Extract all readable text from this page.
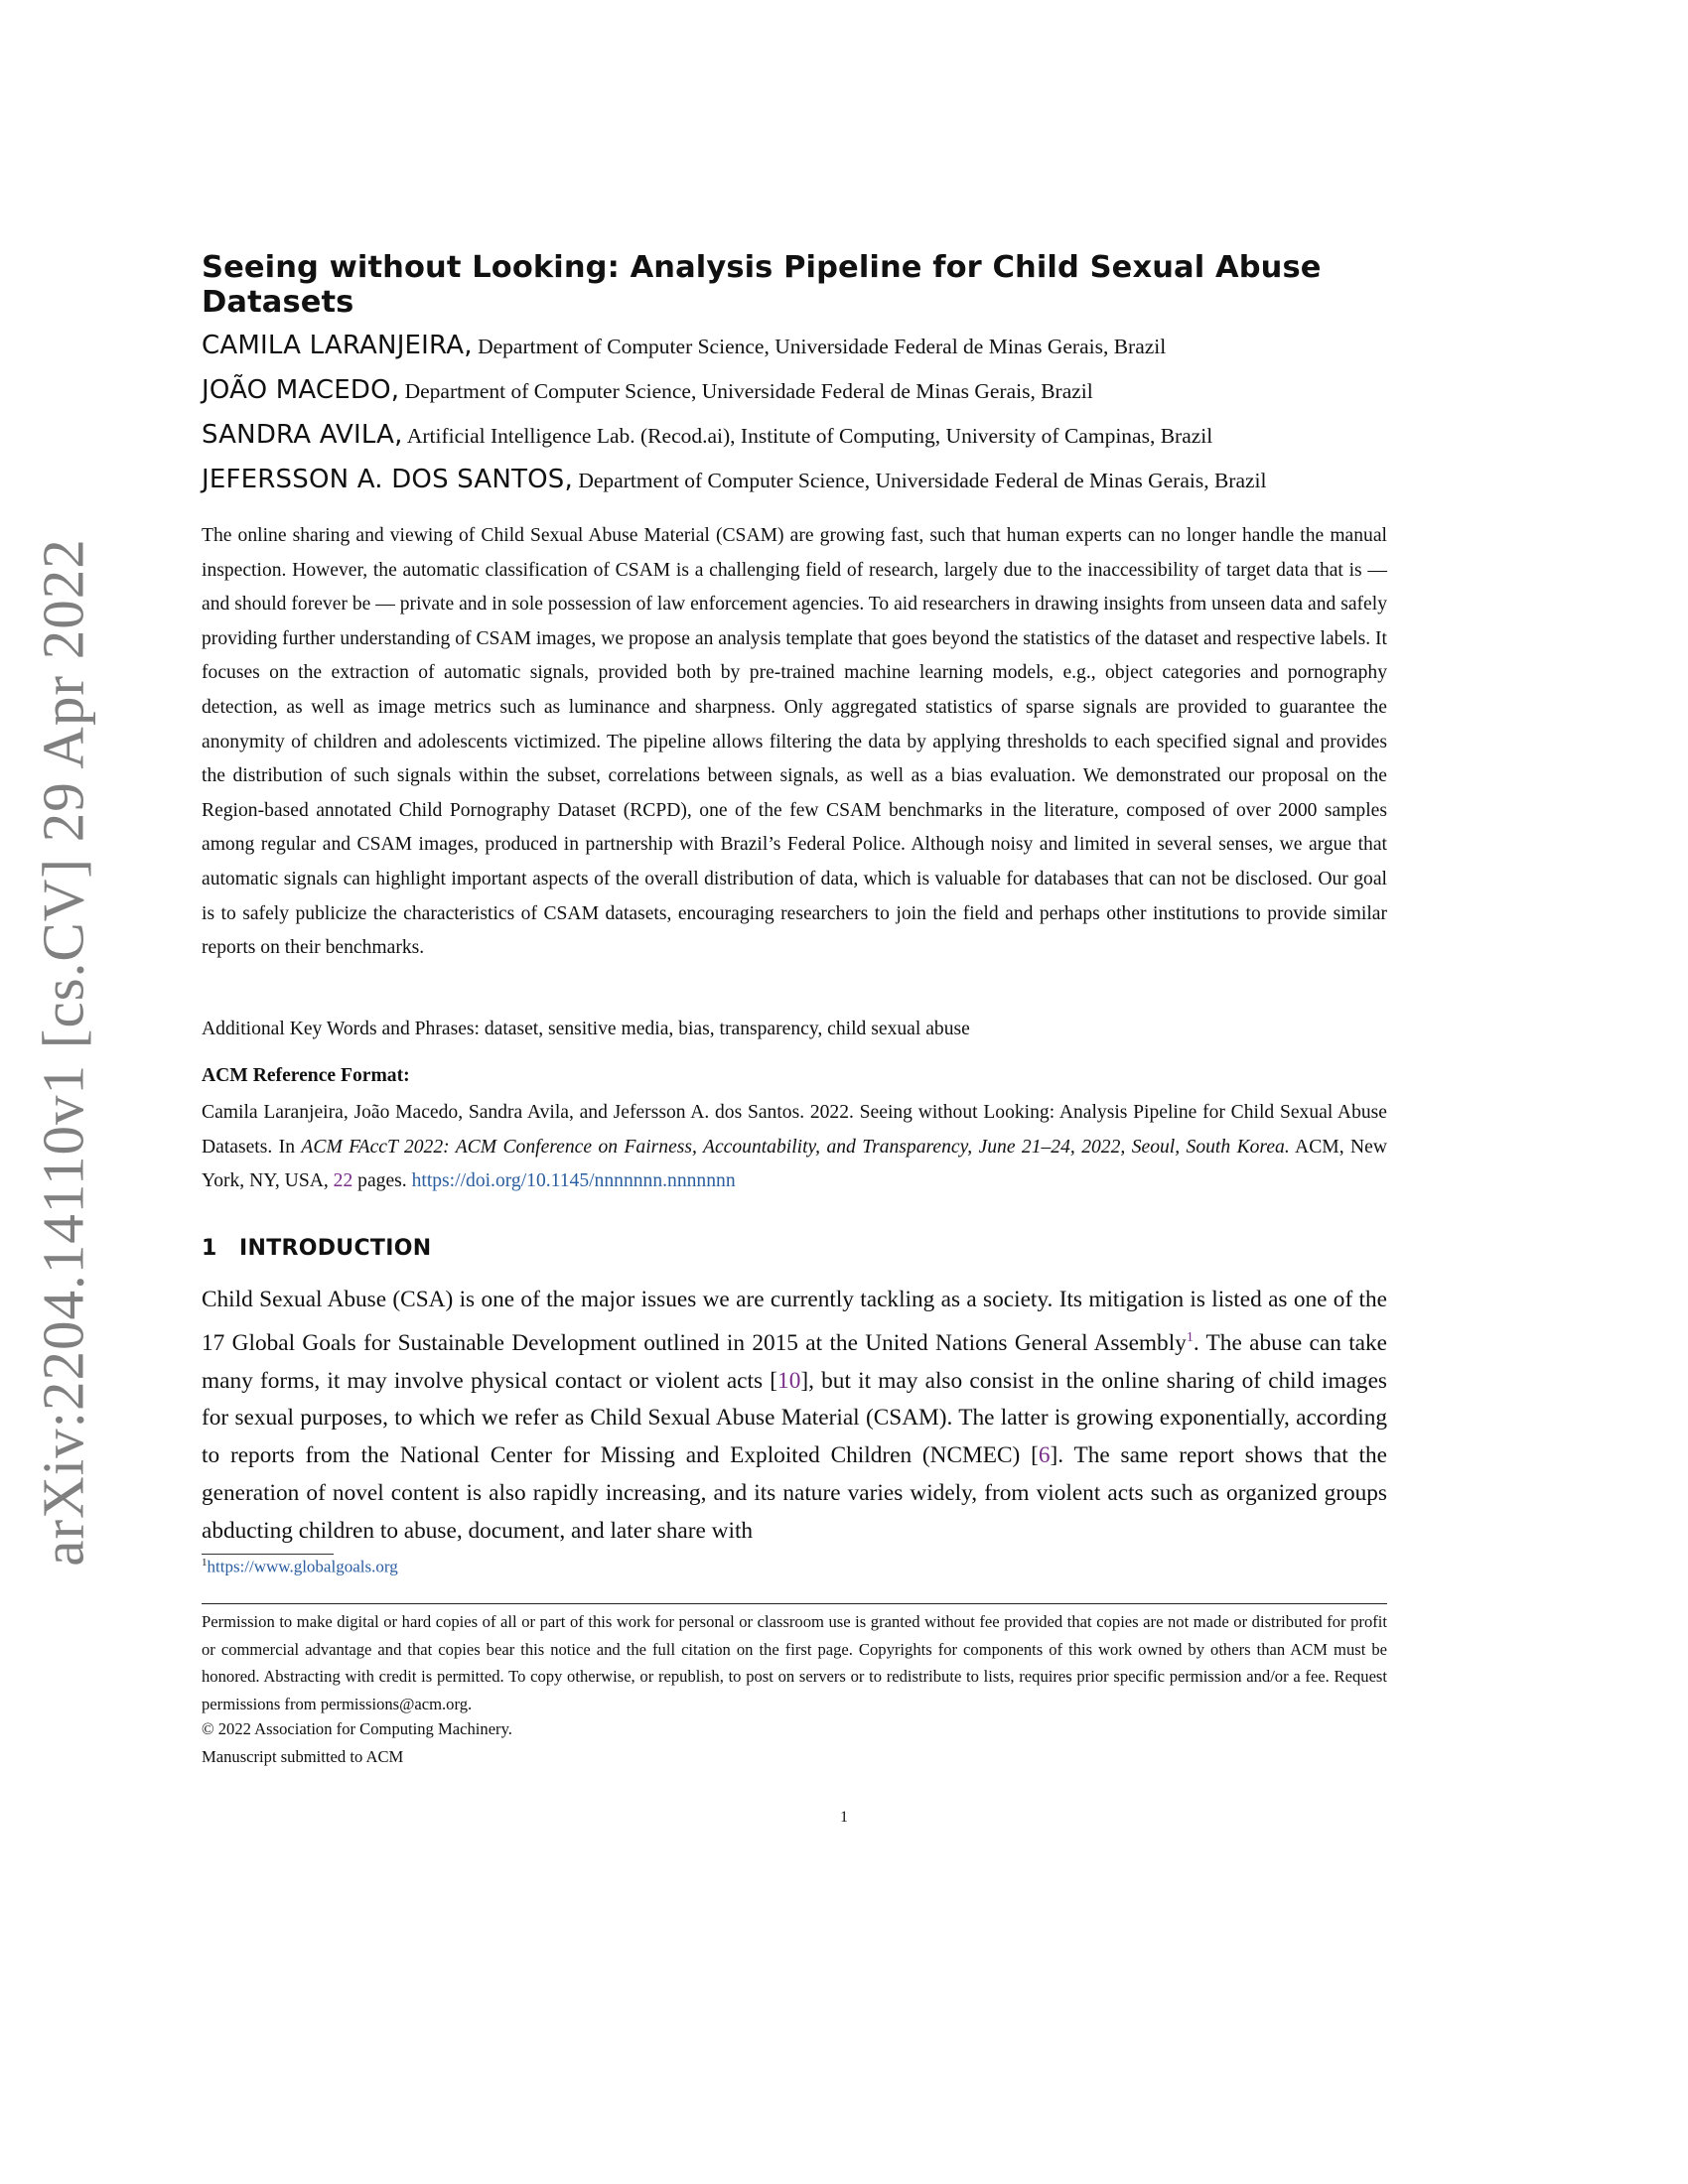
arXiv:2204.14110v1 [cs.CV] 29 Apr 2022
Seeing without Looking: Analysis Pipeline for Child Sexual Abuse Datasets
CAMILA LARANJEIRA, Department of Computer Science, Universidade Federal de Minas Gerais, Brazil
JOÃO MACEDO, Department of Computer Science, Universidade Federal de Minas Gerais, Brazil
SANDRA AVILA, Artificial Intelligence Lab. (Recod.ai), Institute of Computing, University of Campinas, Brazil
JEFERSSON A. DOS SANTOS, Department of Computer Science, Universidade Federal de Minas Gerais, Brazil

The online sharing and viewing of Child Sexual Abuse Material (CSAM) are growing fast, such that human experts can no longer handle the manual inspection. However, the automatic classification of CSAM is a challenging field of research, largely due to the inaccessibility of target data that is — and should forever be — private and in sole possession of law enforcement agencies. To aid researchers in drawing insights from unseen data and safely providing further understanding of CSAM images, we propose an analysis template that goes beyond the statistics of the dataset and respective labels. It focuses on the extraction of automatic signals, provided both by pre-trained machine learning models, e.g., object categories and pornography detection, as well as image metrics such as luminance and sharpness. Only aggregated statistics of sparse signals are provided to guarantee the anonymity of children and adolescents victimized. The pipeline allows filtering the data by applying thresholds to each specified signal and provides the distribution of such signals within the subset, correlations between signals, as well as a bias evaluation. We demonstrated our proposal on the Region-based annotated Child Pornography Dataset (RCPD), one of the few CSAM benchmarks in the literature, composed of over 2000 samples among regular and CSAM images, produced in partnership with Brazil’s Federal Police. Although noisy and limited in several senses, we argue that automatic signals can highlight important aspects of the overall distribution of data, which is valuable for databases that can not be disclosed. Our goal is to safely publicize the characteristics of CSAM datasets, encouraging researchers to join the field and perhaps other institutions to provide similar reports on their benchmarks.

Additional Key Words and Phrases: dataset, sensitive media, bias, transparency, child sexual abuse

ACM Reference Format:

Camila Laranjeira, João Macedo, Sandra Avila, and Jefersson A. dos Santos. 2022. Seeing without Looking: Analysis Pipeline for Child Sexual Abuse Datasets. In ACM FAccT 2022: ACM Conference on Fairness, Accountability, and Transparency, June 21–24, 2022, Seoul, South Korea. ACM, New York, NY, USA, 22 pages. https://doi.org/10.1145/nnnnnnn.nnnnnnn

1 INTRODUCTION

Child Sexual Abuse (CSA) is one of the major issues we are currently tackling as a society. Its mitigation is listed as one of the 17 Global Goals for Sustainable Development outlined in 2015 at the United Nations General Assembly$^1$. The abuse can take many forms, it may involve physical contact or violent acts [10], but it may also consist in the online sharing of child images for sexual purposes, to which we refer as Child Sexual Abuse Material (CSAM). The latter is growing exponentially, according to reports from the National Center for Missing and Exploited Children (NCMEC) [6]. The same report shows that the generation of novel content is also rapidly increasing, and its nature varies widely, from violent acts such as organized groups abducting children to abuse, document, and later share with

$^1$https://www.globalgoals.org

Permission to make digital or hard copies of all or part of this work for personal or classroom use is granted without fee provided that copies are not made or distributed for profit or commercial advantage and that copies bear this notice and the full citation on the first page. Copyrights for components of this work owned by others than ACM must be honored. Abstracting with credit is permitted. To copy otherwise, or republish, to post on servers or to redistribute to lists, requires prior specific permission and/or a fee. Request permissions from permissions@acm.org.

© 2022 Association for Computing Machinery.

Manuscript submitted to ACM

1
